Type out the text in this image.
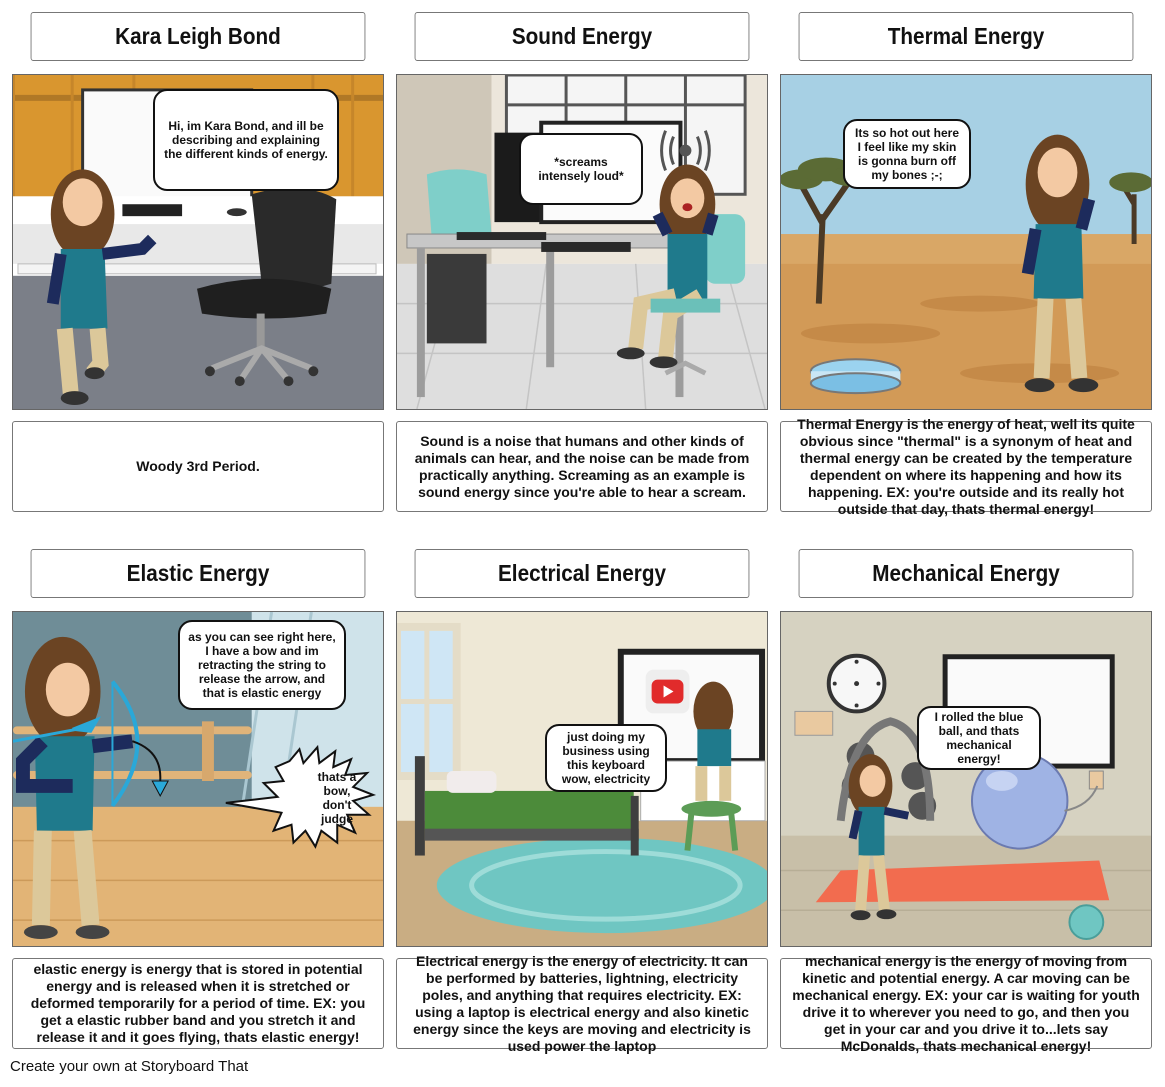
Kara Leigh Bond	Sound Energy	Thermal Energy
Hi, im Kara Bond, and ill be describing and explaining the different kinds of energy.
*screams intensely loud*
Its so hot out here I feel like my skin is gonna burn off my bones ;-;
Woody 3rd Period.
Sound is a noise that humans and other kinds of animals can hear, and the noise can be made from practically anything. Screaming as an example is sound energy since you're able to hear a scream.
Thermal Energy is the energy of heat, well its quite obvious since "thermal" is a synonym of heat and thermal energy can be created by the temperature dependent on where its happening and how its happening. EX: you're outside and its really hot outside that day, thats thermal energy!
Elastic Energy	Electrical Energy	Mechanical Energy
as you can see right here, I have a bow and im retracting the string to release the arrow, and that is elastic energy
thats a bow, don't judge
just doing my business using this keyboard wow, electricity
I rolled the blue ball, and thats mechanical energy!
elastic energy is energy that is stored in potential energy and is released when it is stretched or deformed temporarily for a period of time. EX: you get a elastic rubber band and you stretch it and release it and it goes flying, thats elastic energy!
Electrical energy is the energy of electricity. It can be performed by batteries, lightning, electricity poles, and anything that requires electricity. EX: using a laptop is electrical energy and also kinetic energy since the keys are moving and electricity is used power the laptop
mechanical energy is the energy of moving from kinetic and potential energy. A car moving can be mechanical energy. EX: your car is waiting for youth drive it to wherever you need to go, and then you get in your car and you drive it to...lets say McDonalds, thats mechanical energy!
Create your own at Storyboard That
